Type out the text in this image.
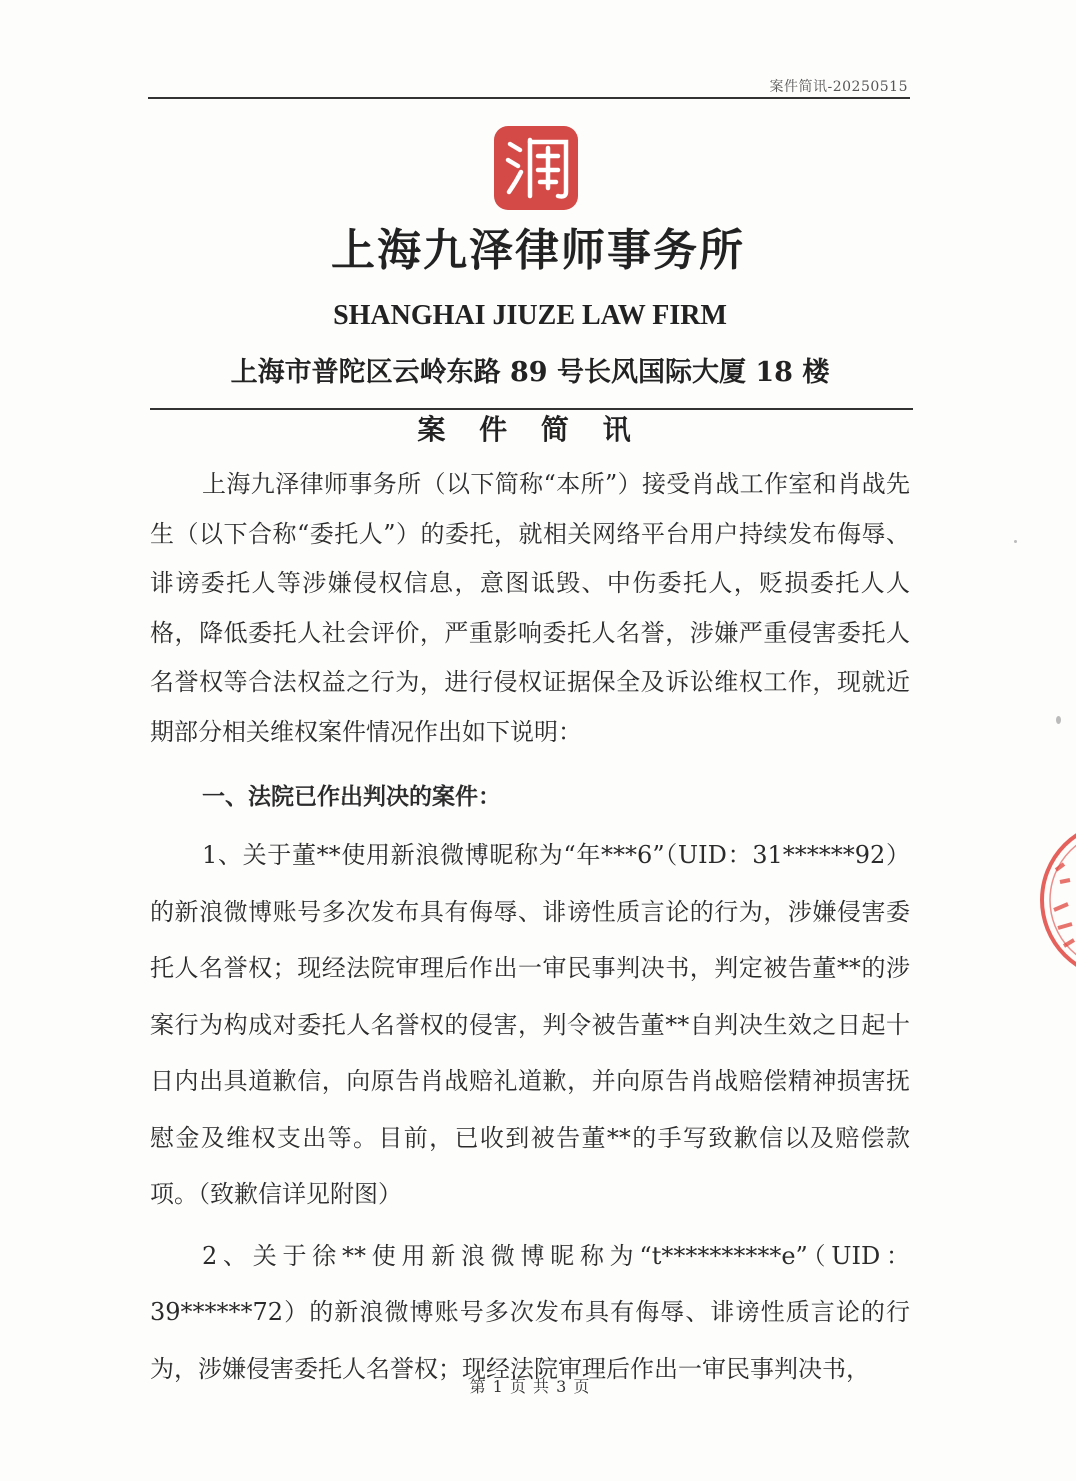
案件简讯-20250515
上海九泽律师事务所
SHANGHAI JIUZE LAW FIRM
上海市普陀区云岭东路 89 号长风国际大厦 18 楼
案 件 简 讯

上海九泽律师事务所（以下简称“本所”）接受肖战工作室和肖战先生（以下合称“委托人”）的委托，就相关网络平台用户持续发布侮辱、诽谤委托人等涉嫌侵权信息，意图诋毁、中伤委托人，贬损委托人人格，降低委托人社会评价，严重影响委托人名誉，涉嫌严重侵害委托人名誉权等合法权益之行为，进行侵权证据保全及诉讼维权工作，现就近期部分相关维权案件情况作出如下说明：

一、法院已作出判决的案件：

1、关于董**使用新浪微博昵称为“年***6”（UID：31******92）的新浪微博账号多次发布具有侮辱、诽谤性质言论的行为，涉嫌侵害委托人名誉权；现经法院审理后作出一审民事判决书，判定被告董**的涉案行为构成对委托人名誉权的侵害，判令被告董**自判决生效之日起十日内出具道歉信，向原告肖战赔礼道歉，并向原告肖战赔偿精神损害抚慰金及维权支出等。目前，已收到被告董**的手写致歉信以及赔偿款项。（致歉信详见附图）

2、关于徐**使用新浪微博昵称为“t**********e”（UID：39******72）的新浪微博账号多次发布具有侮辱、诽谤性质言论的行为，涉嫌侵害委托人名誉权；现经法院审理后作出一审民事判决书，

第 1 页 共 3 页
